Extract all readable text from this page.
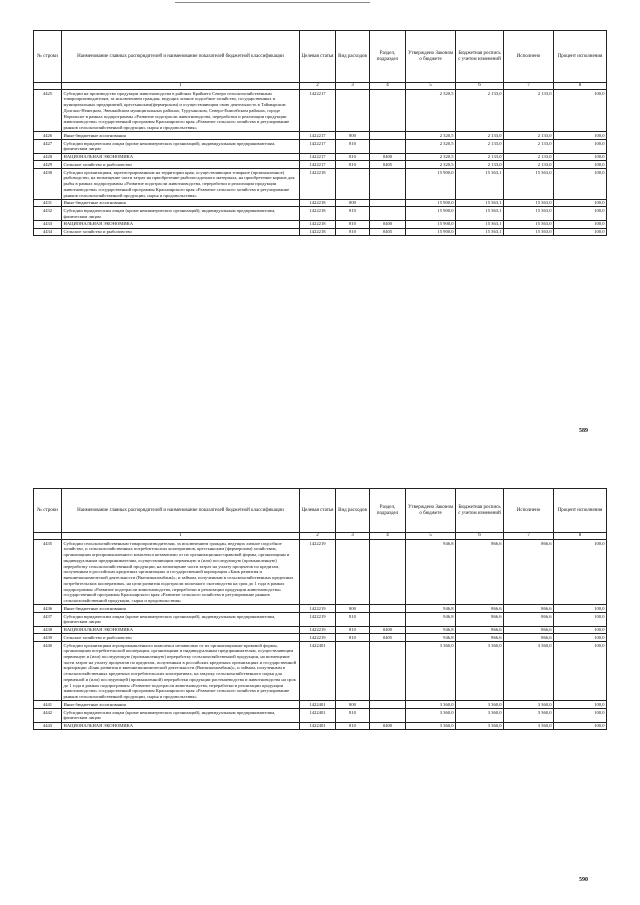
№ строки	Наименование главных распорядителей и наименование показателей бюджетной классификации	Целевая статья	Вид расходов	Раздел, подраздел	Утверждено Законом о бюджете	Бюджетная роспись с учетом изменений	Исполнено	Процент исполнения
	1	2	3	4	5	6	7	8
4425	Субсидии на производство продукции животноводства в районах Крайнего Севера сельскохозяйственным товаропроизводителям, за исключением граждан, ведущих личное подсобное хозяйство, государственных и муниципальных предприятий, крестьянским(фермерским) и осуществляющим свою деятельность в Таймырском Долгано-Ненецком, Эвенкийском муниципальных районах, Туруханском, Северо-Енисейском районах, городе Норильске в рамках подпрограммы «Развитие подотрасли животноводства, переработки и реализации продукции животноводства» государственной программы Красноярского края «Развитие сельского хозяйства и регулирование рынков сельскохозяйственной продукции, сырья и продовольствия»	1422217			2 320,5	2 133,0	2 133,0	100,0
4426	Иные бюджетные ассигнования	1422217	800		2 320,5	2 133,0	2 133,0	100,0
4427	Субсидии юридическим лицам (кроме некоммерческих организаций), индивидуальным предпринимателям, физическим лицам	1422217	810		2 320,5	2 133,0	2 133,0	100,0
4428	НАЦИОНАЛЬНАЯ ЭКОНОМИКА	1422217	810	0400	2 320,5	2 133,0	2 133,0	100,0
4429	Сельское хозяйство и рыболовство	1422217	810	0405	2 320,5	2 133,0	2 133,0	100,0
4430	Субсидии организациям, зарегистрированным на территории края, осуществляющим товарное (промышленное) рыбоводство, на возмещение части затрат на приобретение рыбопосадочного материала, на приобретение кормов для рыбы в рамках подпрограммы «Развитие подотрасли животноводства, переработки и реализации продукции животноводства» государственной программы Красноярского края «Развитие сельского хозяйства и регулирование рынков сельскохозяйственной продукции, сырья и продовольствия»	1422218			15 900,0	15 363,1	15 363,0	100,0
4431	Иные бюджетные ассигнования	1422218	800		15 900,0	15 363,1	15 363,0	100,0
4432	Субсидии юридическим лицам (кроме некоммерческих организаций), индивидуальным предпринимателям, физическим лицам	1422218	810		15 900,0	15 363,1	15 363,0	100,0
4433	НАЦИОНАЛЬНАЯ ЭКОНОМИКА	1422218	810	0400	15 900,0	15 363,1	15 363,0	100,0
4434	Сельское хозяйство и рыболовство	1422218	810	0405	15 900,0	15 363,1	15 363,0	100,0
589
№ строки	Наименование главных распорядителей и наименование показателей бюджетной классификации	Целевая статья	Вид расходов	Раздел, подраздел	Утверждено Законом о бюджете	Бюджетная роспись с учетом изменений	Исполнено	Процент исполнения
	1	2	3	4	5	6	7	8
4435	Субсидии сельскохозяйственным товаропроизводителям, за исключением граждан, ведущих личное подсобное хозяйство, и сельскохозяйственных потребительских кооперативов, крестьянским (фермерским) хозяйствам, организациям агропромышленного комплекса независимо от их организационно-правовой формы, организациям и индивидуальным предпринимателям, осуществляющим первичную и (или) последующую (промышленную) переработку сельскохозяйственной продукции, на возмещение части затрат на уплату процентов по кредитам, полученным в российских кредитных организациях и государственной корпорации «Банк развития и внешнеэкономической деятельности (Внешэкономбанк)», и займам, полученным в сельскохозяйственных кредитных потребительских кооперативах, на цели развития подотрасли молочного скотоводства на срок до 1 года в рамках подпрограммы «Развитие подотрасли животноводства, переработки и реализации продукции животноводства» государственной программы Красноярского края «Развитие сельского хозяйства и регулирование рынков сельскохозяйственной продукции, сырья и продовольствия»	1422219			946,8	866,6	866,6	100,0
4436	Иные бюджетные ассигнования	1422219	800		946,8	866,6	866,6	100,0
4437	Субсидии юридическим лицам (кроме некоммерческих организаций), индивидуальным предпринимателям, физическим лицам	1422219	810		946,8	866,6	866,6	100,0
4438	НАЦИОНАЛЬНАЯ ЭКОНОМИКА	1422219	810	0400	946,8	866,6	866,6	100,0
4439	Сельское хозяйство и рыболовство	1422219	810	0405	946,8	866,6	866,6	100,0
4440	Субсидии организациям агропромышленного комплекса независимо от их организационно-правовой формы, организациям потребительской кооперации, организациям и индивидуальным предпринимателям, осуществляющим первичную и (или) последующую (промышленную) переработку сельскохозяйственной продукции, на возмещение части затрат на уплату процентов по кредитам, полученным в российских кредитных организациях и государственной корпорации «Банк развития и внешнеэкономической деятельности (Внешэкономбанк)», и займам, полученным в сельскохозяйственных кредитных потребительских кооперативах, на закупку сельскохозяйственного сырья для первичной и (или) последующей (промышленной) переработки продукции растениеводства и животноводства на срок до 1 года в рамках подпрограммы «Развитие подотрасли животноводства, переработки и реализации продукции животноводства» государственной программы Красноярского края «Развитие сельского хозяйства и регулирование рынков сельскохозяйственной продукции, сырья и продовольствия»	1422401			3 360,0	3 360,0	3 360,0	100,0
4441	Иные бюджетные ассигнования	1422401	800		3 360,0	3 360,0	3 360,0	100,0
4442	Субсидии юридическим лицам (кроме некоммерческих организаций), индивидуальным предпринимателям, физическим лицам	1422401	810		3 360,0	3 360,0	3 360,0	100,0
4443	НАЦИОНАЛЬНАЯ ЭКОНОМИКА	1422401	810	0400	3 360,0	3 360,0	3 360,0	100,0
590
